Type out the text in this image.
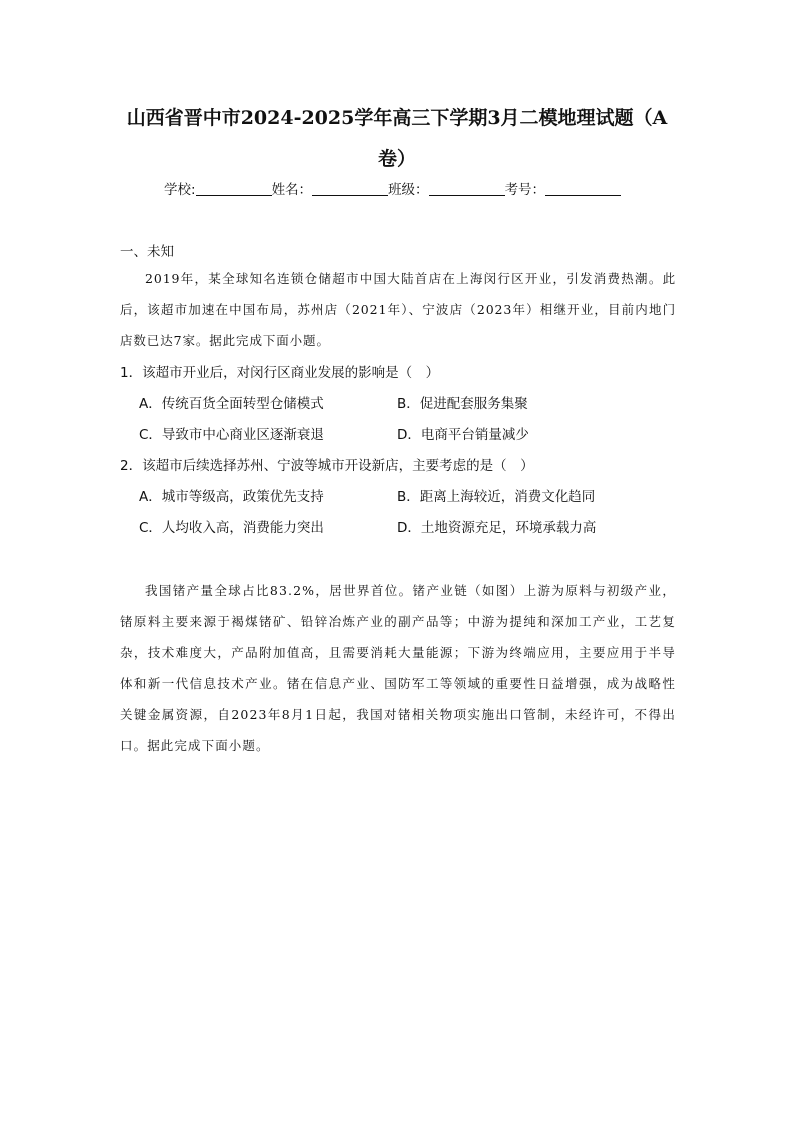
山西省晋中市2024-2025学年高三下学期3月二模地理试题（A
卷）
学校:	姓名：	班级：	考号：
一、未知

2019年，某全球知名连锁仓储超市中国大陆首店在上海闵行区开业，引发消费热潮。此后，该超市加速在中国布局，苏州店（2021年）、宁波店（2023年）相继开业，目前内地门店数已达7家。据此完成下面小题。

1．该超市开业后，对闵行区商业发展的影响是（　）
A．传统百货全面转型仓储模式	B．促进配套服务集聚
C．导致市中心商业区逐渐衰退	D．电商平台销量减少
2．该超市后续选择苏州、宁波等城市开设新店，主要考虑的是（　）
A．城市等级高，政策优先支持	B．距离上海较近，消费文化趋同
C．人均收入高，消费能力突出	D．土地资源充足，环境承载力高

我国锗产量全球占比83.2%，居世界首位。锗产业链（如图）上游为原料与初级产业，锗原料主要来源于褐煤锗矿、铅锌冶炼产业的副产品等；中游为提纯和深加工产业，工艺复杂，技术难度大，产品附加值高，且需要消耗大量能源；下游为终端应用，主要应用于半导体和新一代信息技术产业。锗在信息产业、国防军工等领域的重要性日益增强，成为战略性关键金属资源，自2023年8月1日起，我国对锗相关物项实施出口管制，未经许可，不得出口。据此完成下面小题。
